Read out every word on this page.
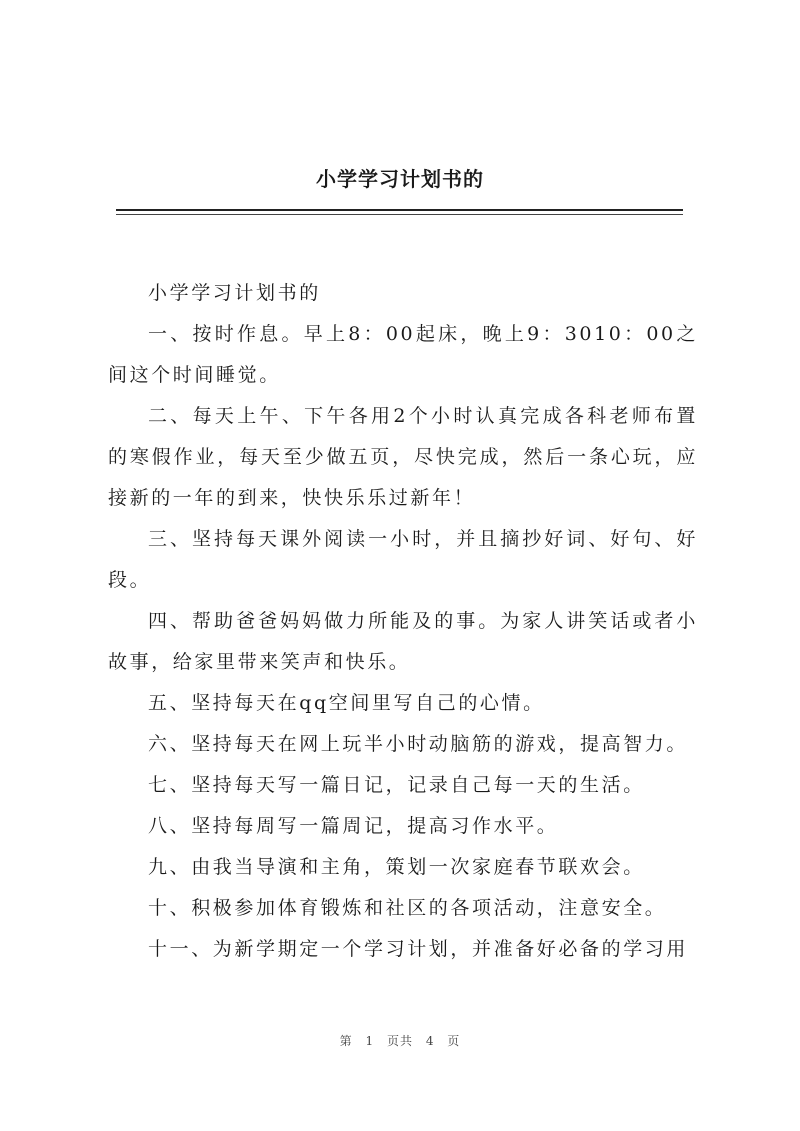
小学学习计划书的

小学学习计划书的

一、按时作息。早上8：00起床，晚上9：3010：00之间这个时间睡觉。

二、每天上午、下午各用2个小时认真完成各科老师布置的寒假作业，每天至少做五页，尽快完成，然后一条心玩，应接新的一年的到来，快快乐乐过新年！

三、坚持每天课外阅读一小时，并且摘抄好词、好句、好段。

四、帮助爸爸妈妈做力所能及的事。为家人讲笑话或者小故事，给家里带来笑声和快乐。

五、坚持每天在qq空间里写自己的心情。

六、坚持每天在网上玩半小时动脑筋的游戏，提高智力。

七、坚持每天写一篇日记，记录自己每一天的生活。

八、坚持每周写一篇周记，提高习作水平。

九、由我当导演和主角，策划一次家庭春节联欢会。

十、积极参加体育锻炼和社区的各项活动，注意安全。

十一、为新学期定一个学习计划，并准备好必备的学习用

第 1 页共 4 页
